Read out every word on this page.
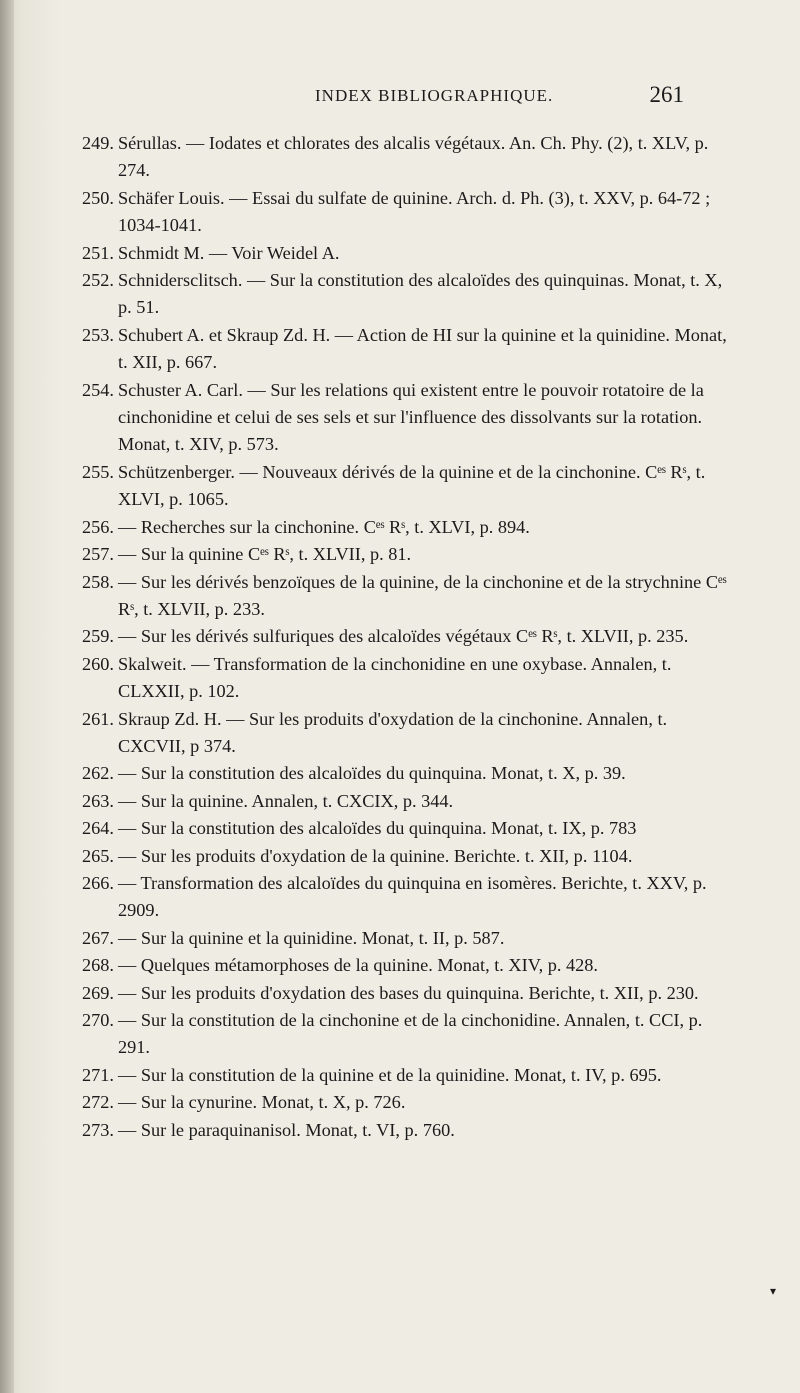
INDEX BIBLIOGRAPHIQUE.	261
249. Sérullas. — Iodates et chlorates des alcalis végétaux. An. Ch. Phy. (2), t. XLV, p. 274.
250. Schäfer Louis. — Essai du sulfate de quinine. Arch. d. Ph. (3), t. XXV, p. 64-72 ; 1034-1041.
251. Schmidt M. — Voir Weidel A.
252. Schnidersclitsch. — Sur la constitution des alcaloïdes des quinquinas. Monat, t. X, p. 51.
253. Schubert A. et Skraup Zd. H. — Action de HI sur la quinine et la quinidine. Monat, t. XII, p. 667.
254. Schuster A. Carl. — Sur les relations qui existent entre le pouvoir rotatoire de la cinchonidine et celui de ses sels et sur l'influence des dissolvants sur la rotation. Monat, t. XIV, p. 573.
255. Schützenberger. — Nouveaux dérivés de la quinine et de la cinchonine. Cᵉˢ Rˢ, t. XLVI, p. 1065.
256. — Recherches sur la cinchonine. Cᵉˢ Rˢ, t. XLVI, p. 894.
257. — Sur la quinine Cᵉˢ Rˢ, t. XLVII, p. 81.
258. — Sur les dérivés benzoïques de la quinine, de la cinchonine et de la strychnine Cᵉˢ Rˢ, t. XLVII, p. 233.
259. — Sur les dérivés sulfuriques des alcaloïdes végétaux Cᵉˢ Rˢ, t. XLVII, p. 235.
260. Skalweit. — Transformation de la cinchonidine en une oxybase. Annalen, t. CLXXII, p. 102.
261. Skraup Zd. H. — Sur les produits d'oxydation de la cinchonine. Annalen, t. CXCVII, p 374.
262. — Sur la constitution des alcaloïdes du quinquina. Monat, t. X, p. 39.
263. — Sur la quinine. Annalen, t. CXCIX, p. 344.
264. — Sur la constitution des alcaloïdes du quinquina. Monat, t. IX, p. 783
265. — Sur les produits d'oxydation de la quinine. Berichte. t. XII, p. 1104.
266. — Transformation des alcaloïdes du quinquina en isomères. Berichte, t. XXV, p. 2909.
267. — Sur la quinine et la quinidine. Monat, t. II, p. 587.
268. — Quelques métamorphoses de la quinine. Monat, t. XIV, p. 428.
269. — Sur les produits d'oxydation des bases du quinquina. Berichte, t. XII, p. 230.
270. — Sur la constitution de la cinchonine et de la cinchonidine. Annalen, t. CCI, p. 291.
271. — Sur la constitution de la quinine et de la quinidine. Monat, t. IV, p. 695.
272. — Sur la cynurine. Monat, t. X, p. 726.
273. — Sur le paraquinanisol. Monat, t. VI, p. 760.
▾
